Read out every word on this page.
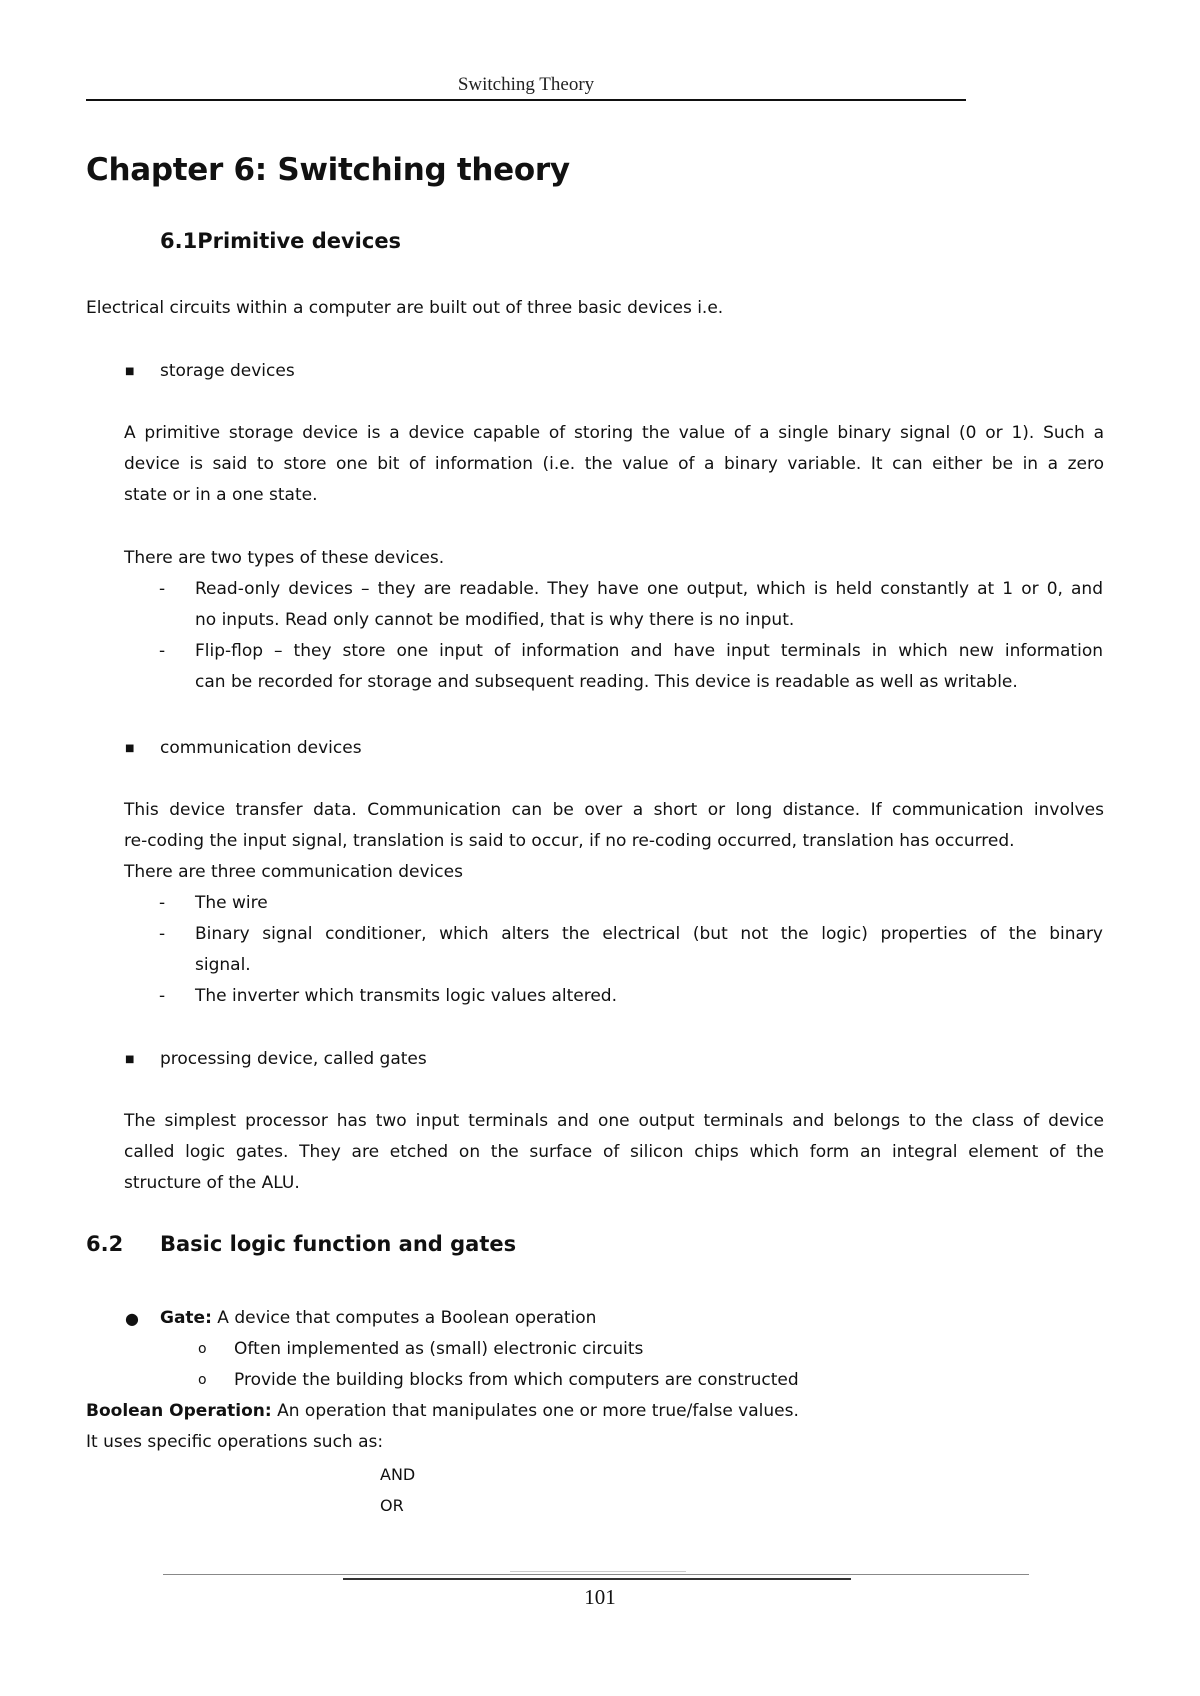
Switching Theory
Chapter 6: Switching theory
6.1Primitive devices
Electrical circuits within a computer are built out of three basic devices i.e.
■ storage devices
A primitive storage device is a device capable of storing the value of a single binary signal (0 or 1). Such a
device is said to store one bit of information (i.e. the value of a binary variable. It can either be in a zero
state or in a one state.
There are two types of these devices.
- Read-only devices – they are readable. They have one output, which is held constantly at 1 or 0, and
no inputs. Read only cannot be modified, that is why there is no input.
- Flip-flop – they store one input of information and have input terminals in which new information
can be recorded for storage and subsequent reading. This device is readable as well as writable.
■ communication devices
This device transfer data. Communication can be over a short or long distance. If communication involves
re-coding the input signal, translation is said to occur, if no re-coding occurred, translation has occurred.
There are three communication devices
- The wire
- Binary signal conditioner, which alters the electrical (but not the logic) properties of the binary
signal.
- The inverter which transmits logic values altered.
■ processing device, called gates
The simplest processor has two input terminals and one output terminals and belongs to the class of device
called logic gates. They are etched on the surface of silicon chips which form an integral element of the
structure of the ALU.
6.2 Basic logic function and gates
● Gate: A device that computes a Boolean operation
o Often implemented as (small) electronic circuits
o Provide the building blocks from which computers are constructed
Boolean Operation: An operation that manipulates one or more true/false values.
It uses specific operations such as:
AND
OR
101
